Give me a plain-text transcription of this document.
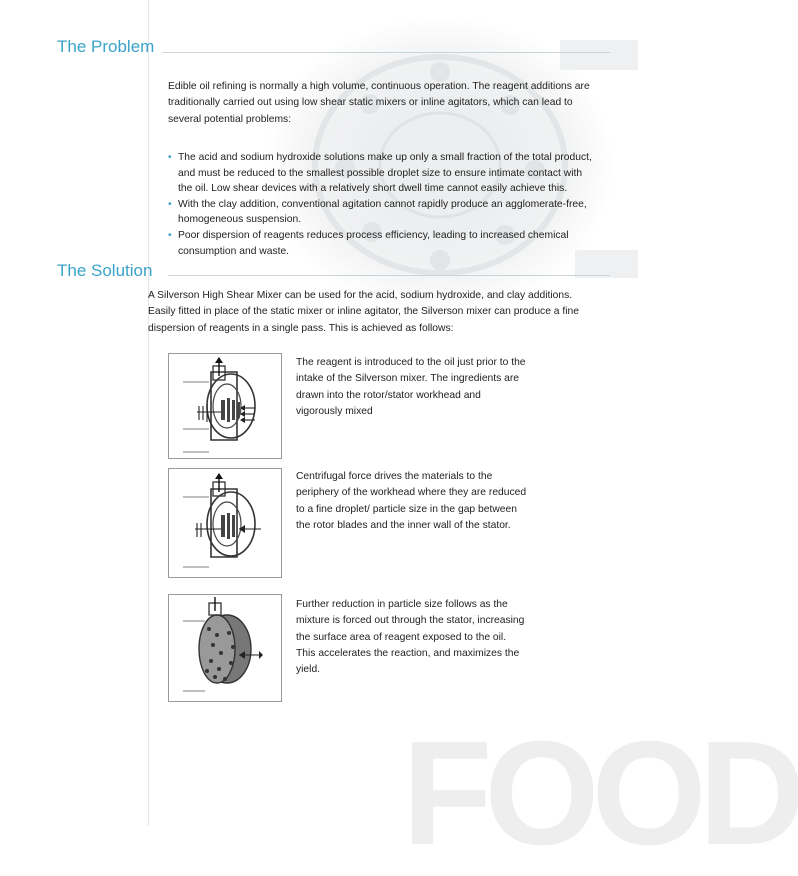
The Problem
Edible oil refining is normally a high volume, continuous operation. The reagent additions are traditionally carried out using low shear static mixers or inline agitators, which can lead to several potential problems:
• The acid and sodium hydroxide solutions make up only a small fraction of the total product, and must be reduced to the smallest possible droplet size to ensure intimate contact with the oil. Low shear devices with a relatively short dwell time cannot easily achieve this.
• With the clay addition, conventional agitation cannot rapidly produce an agglomerate-free, homogeneous suspension.
• Poor dispersion of reagents reduces process efficiency, leading to increased chemical consumption and waste.
The Solution
A Silverson High Shear Mixer can be used for the acid, sodium hydroxide, and clay additions. Easily fitted in place of the static mixer or inline agitator, the Silverson mixer can produce a fine dispersion of reagents in a single pass. This is achieved as follows:
The reagent is introduced to the oil just prior to the intake of the Silverson mixer. The ingredients are drawn into the rotor/stator workhead and vigorously mixed
Centrifugal force drives the materials to the periphery of the workhead where they are reduced to a fine droplet/ particle size in the gap between the rotor blades and the inner wall of the stator.
Further reduction in particle size follows as the mixture is forced out through the stator, increasing the surface area of reagent exposed to the oil. This accelerates the reaction, and maximizes the yield.
FOOD
